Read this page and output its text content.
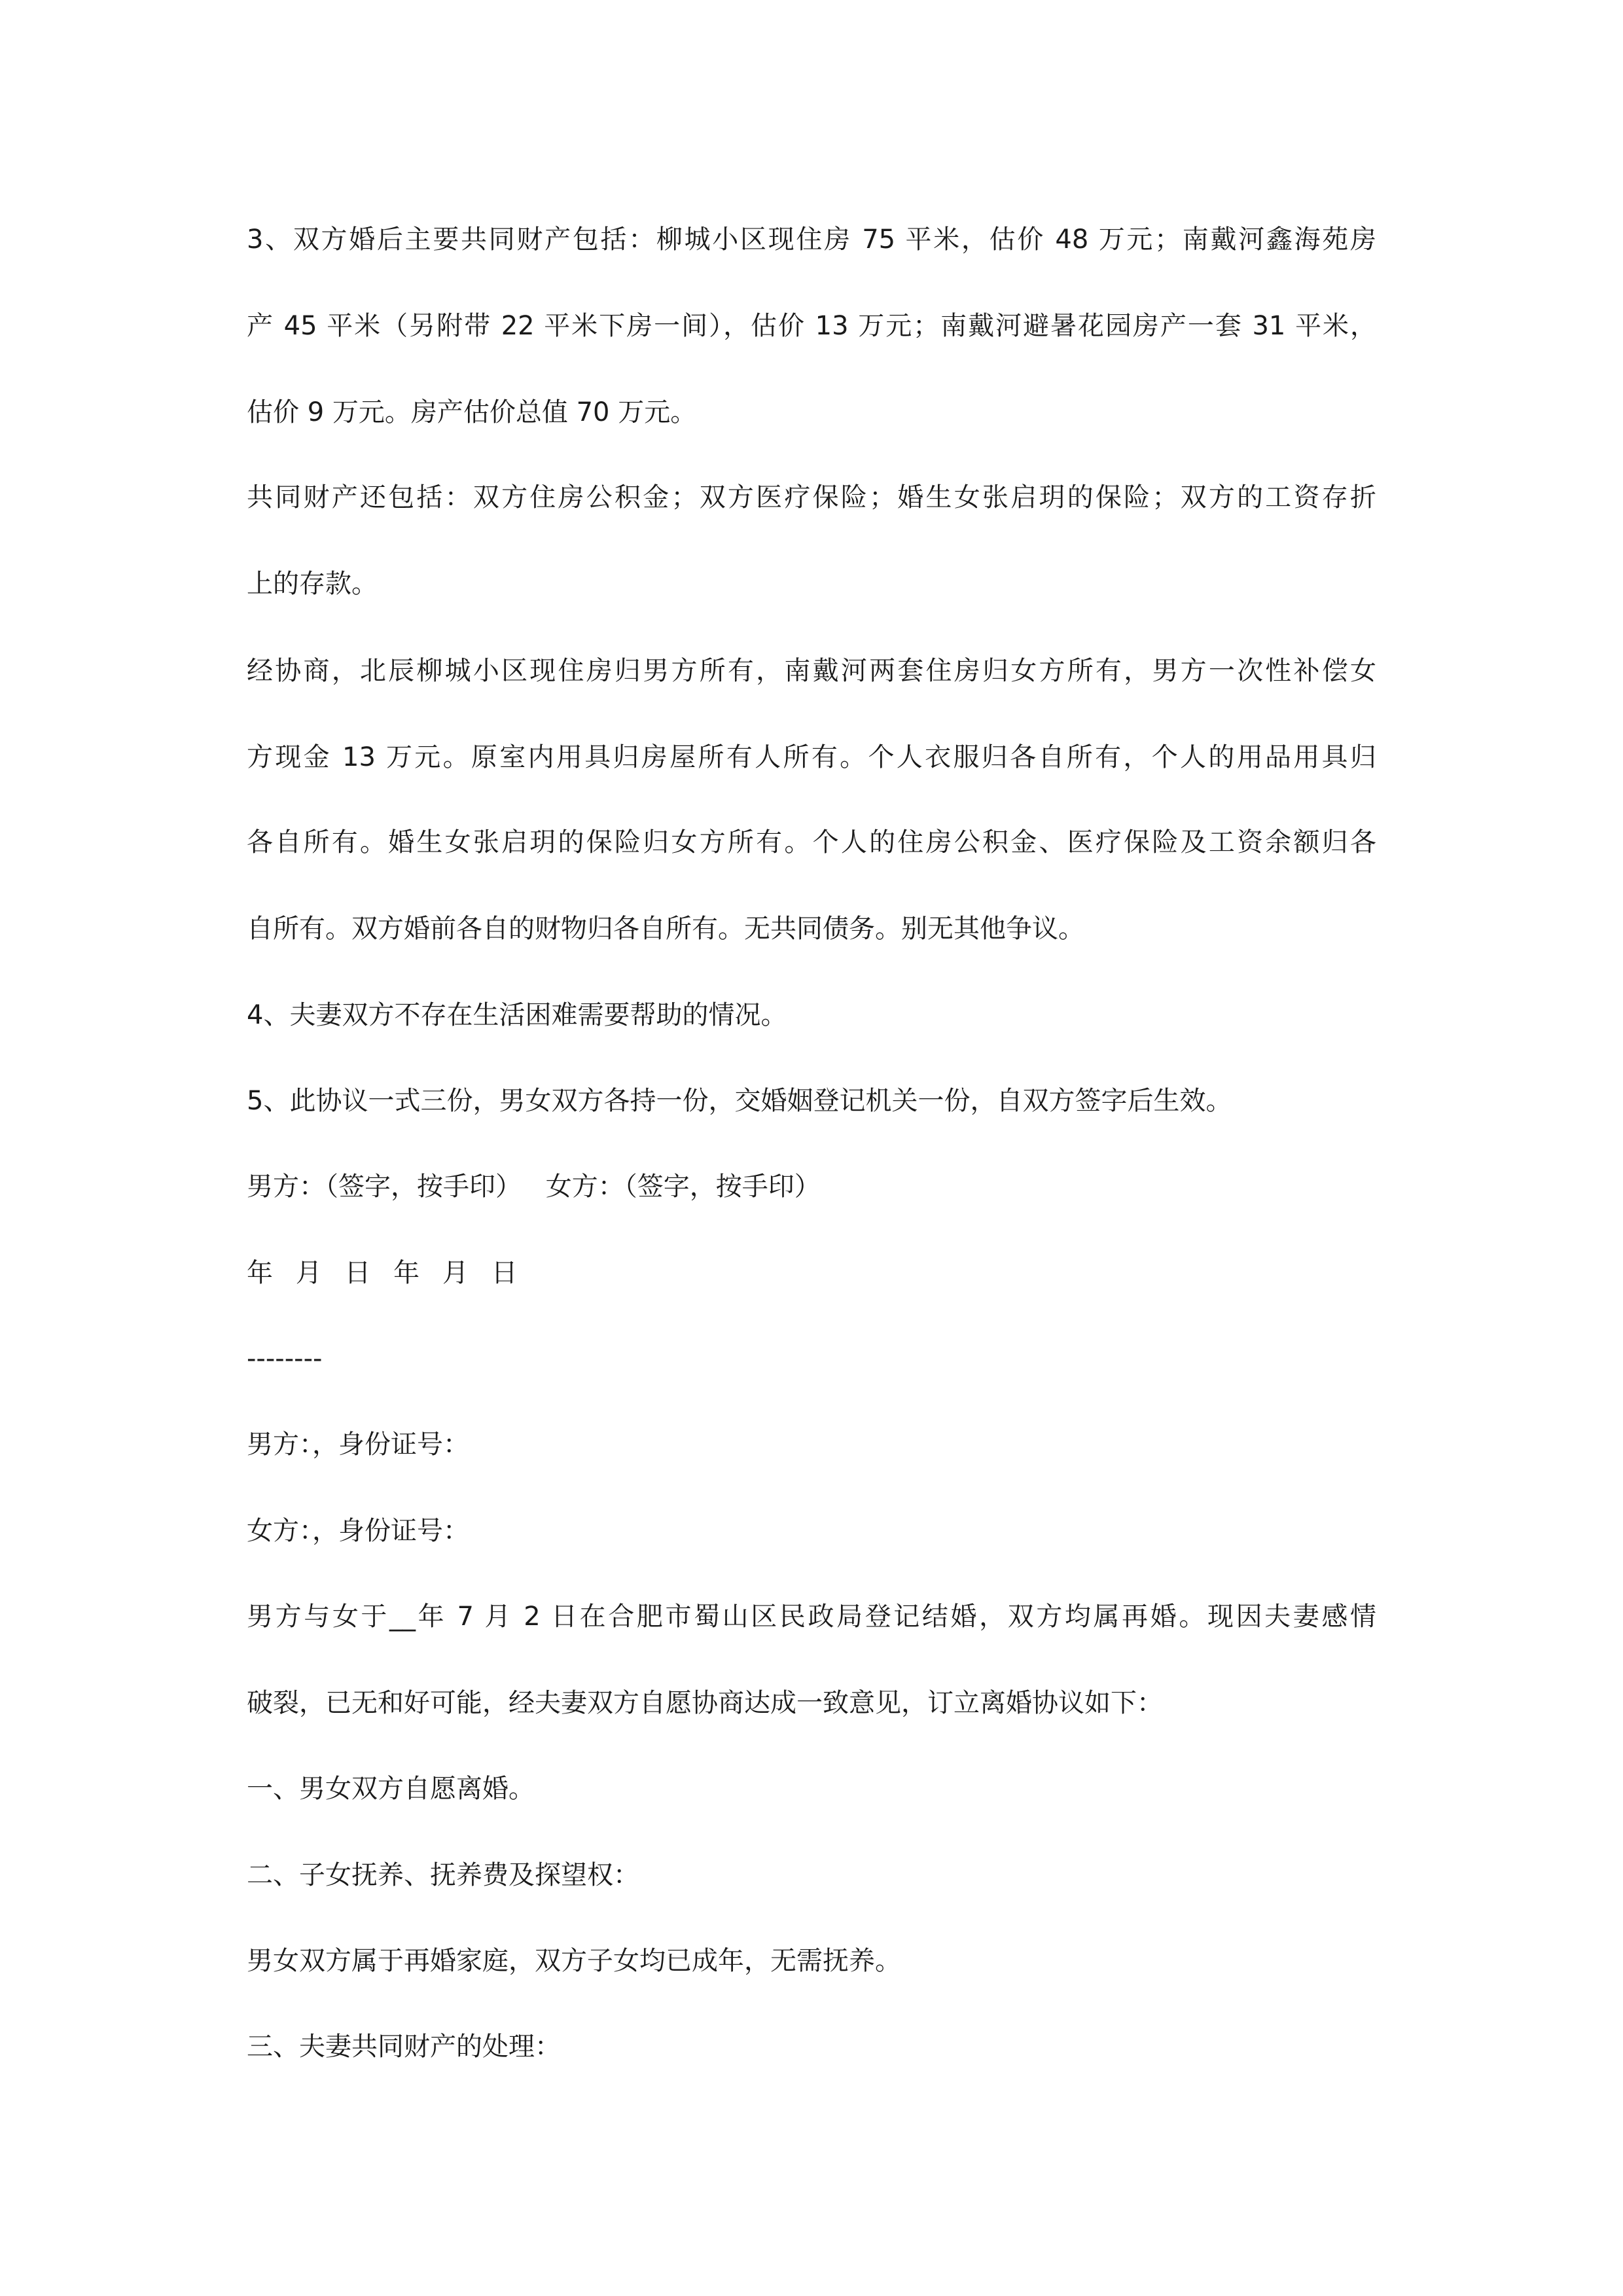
3、双方婚后主要共同财产包括：柳城小区现住房 75 平米，估价 48 万元；南戴河鑫海苑房

产 45 平米（另附带 22 平米下房一间），估价 13 万元；南戴河避暑花园房产一套 31 平米，

估价 9 万元。房产估价总值 70 万元。

共同财产还包括：双方住房公积金；双方医疗保险；婚生女张启玥的保险；双方的工资存折

上的存款。

经协商，北辰柳城小区现住房归男方所有，南戴河两套住房归女方所有，男方一次性补偿女

方现金 13 万元。原室内用具归房屋所有人所有。个人衣服归各自所有，个人的用品用具归

各自所有。婚生女张启玥的保险归女方所有。个人的住房公积金、医疗保险及工资余额归各

自所有。双方婚前各自的财物归各自所有。无共同债务。别无其他争议。

4、夫妻双方不存在生活困难需要帮助的情况。

5、此协议一式三份，男女双方各持一份，交婚姻登记机关一份，自双方签字后生效。

男方：（签字，按手印） 女方：（签字，按手印）

年 月 日 年 月 日

--------

男方：，身份证号：

女方：，身份证号：

男方与女于__年 7 月 2 日在合肥市蜀山区民政局登记结婚，双方均属再婚。现因夫妻感情

破裂，已无和好可能，经夫妻双方自愿协商达成一致意见，订立离婚协议如下：

一、男女双方自愿离婚。

二、子女抚养、抚养费及探望权：

男女双方属于再婚家庭，双方子女均已成年，无需抚养。

三、夫妻共同财产的处理：
